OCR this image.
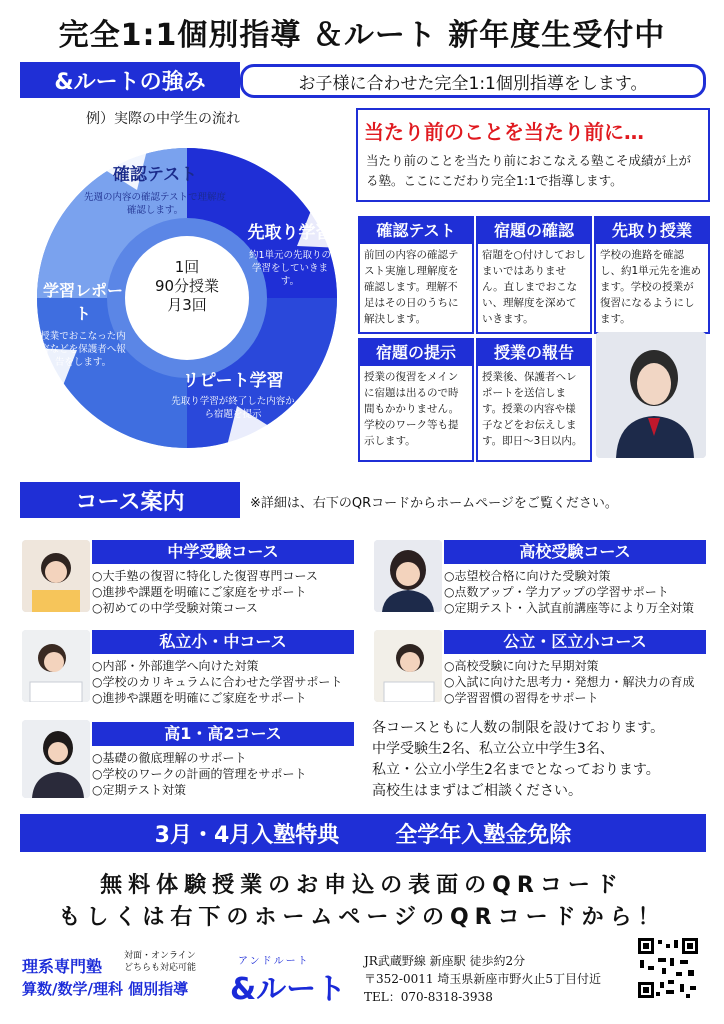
完全1:1個別指導 ＆ルート 新年度生受付中
&ルートの強み	お子様に合わせた完全1:1個別指導をします。
例）実際の中学生の流れ
1回
90分授業
月3回
確認テスト
先週の内容の確認テストで理解度確認します。
先取り学習
約1単元の先取りの学習をしていきます。
リピート学習
先取り学習が終了した内容から宿題を提示
学習レポート
授業でおこなった内容などを保護者へ報告をします。
当たり前のことを当たり前に…
当たり前のことを当たり前におこなえる塾こそ成績が上がる塾。ここにこだわり完全1:1で指導します。
確認テスト
前回の内容の確認テスト実施し理解度を確認します。理解不足はその日のうちに解決します。
宿題の確認
宿題を○付けしておしまいではありません。直しまでおこない、理解度を深めていきます。
先取り授業
学校の進路を確認し、約1単元先を進めます。学校の授業が復習になるようにします。
宿題の提示
授業の復習をメインに宿題は出るので時間もかかりません。学校のワーク等も提示します。
授業の報告
授業後、保護者へレポートを送信します。授業の内容や様子などをお伝えします。即日〜3日以内。
コース案内	※詳細は、右下のQRコードからホームページをご覧ください。
中学受験コース
○大手塾の復習に特化した復習専門コース
○進捗や課題を明確にご家庭をサポート
○初めての中学受験対策コース
高校受験コース
○志望校合格に向けた受験対策
○点数アップ・学力アップの学習サポート
○定期テスト・入試直前講座等により万全対策
私立小・中コース
○内部・外部進学へ向けた対策
○学校のカリキュラムに合わせた学習サポート
○進捗や課題を明確にご家庭をサポート
公立・区立小コース
○高校受験に向けた早期対策
○入試に向けた思考力・発想力・解決力の育成
○学習習慣の習得をサポート
高1・高2コース
○基礎の徹底理解のサポート
○学校のワークの計画的管理をサポート
○定期テスト対策
各コースともに人数の制限を設けております。
中学受験生2名、私立公立中学生3名、
私立・公立小学生2名までとなっております。
高校生はまずはご相談ください。
3月・4月入塾特典	全学年入塾金免除
無料体験授業のお申込の表面のQRコード
もしくは右下のホームページのQRコードから！
理系専門塾
算数/数学/理科 個別指導
対面・オンライン
どちらも対応可能
アンドルート
&ルート
JR武蔵野線 新座駅 徒歩約2分
〒352-0011 埼玉県新座市野火止5丁目付近
TEL：070-8318-3938
